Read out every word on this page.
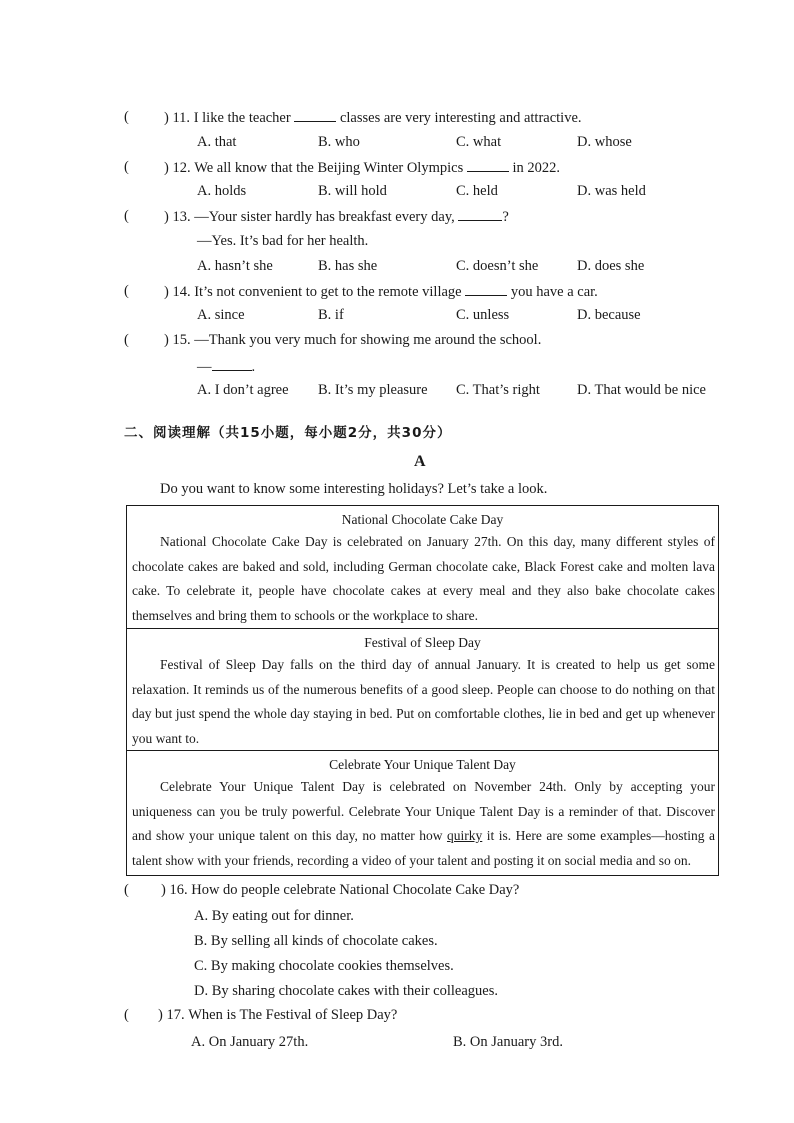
( ) 11. I like the teacher	classes are very interesting and attractive.
A. that	B. who	C. what	D. whose
( ) 12. We all know that the Beijing Winter Olympics	in 2022.
A. holds	B. will hold	C. held	D. was held
( ) 13. —Your sister hardly has breakfast every day,	?
—Yes. It’s bad for her health.
A. hasn’t she	B. has she	C. doesn’t she	D. does she
( ) 14. It’s not convenient to get to the remote village	you have a car.
A. since	B. if	C. unless	D. because
( ) 15. —Thank you very much for showing me around the school.
—	.
A. I don’t agree B. It’s my pleasure C. That’s right	D. That would be nice
二、阅读理解（共15小题，每小题2分，共30分）
A
Do you want to know some interesting holidays? Let’s take a look.
National Chocolate Cake Day
National Chocolate Cake Day is celebrated on January 27th. On this day, many different styles of chocolate cakes are baked and sold, including German chocolate cake, Black Forest cake and molten lava cake. To celebrate it, people have chocolate cakes at every meal and they also bake chocolate cakes themselves and bring them to schools or the workplace to share.
Festival of Sleep Day
Festival of Sleep Day falls on the third day of annual January. It is created to help us get some relaxation. It reminds us of the numerous benefits of a good sleep. People can choose to do nothing on that day but just spend the whole day staying in bed. Put on comfortable clothes, lie in bed and get up whenever you want to.
Celebrate Your Unique Talent Day
Celebrate Your Unique Talent Day is celebrated on November 24th. Only by accepting your uniqueness can you be truly powerful. Celebrate Your Unique Talent Day is a reminder of that. Discover and show your unique talent on this day, no matter how quirky it is. Here are some examples—hosting a talent show with your friends, recording a video of your talent and posting it on social media and so on.
( ) 16. How do people celebrate National Chocolate Cake Day?
A. By eating out for dinner.
B. By selling all kinds of chocolate cakes.
C. By making chocolate cookies themselves.
D. By sharing chocolate cakes with their colleagues.
( ) 17. When is The Festival of Sleep Day?
A. On January 27th.	B. On January 3rd.
